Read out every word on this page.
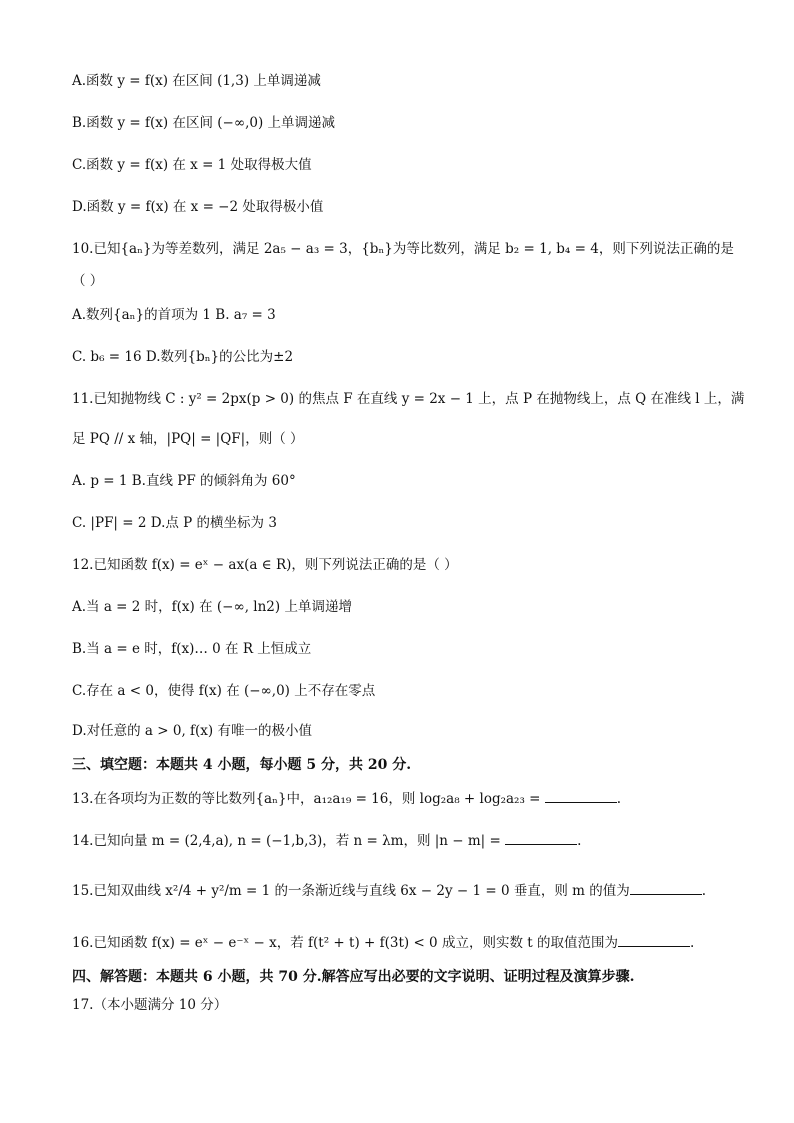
A.函数 y = f(x) 在区间 (1,3) 上单调递减
B.函数 y = f(x) 在区间 (−∞,0) 上单调递减
C.函数 y = f(x) 在 x = 1 处取得极大值
D.函数 y = f(x) 在 x = −2 处取得极小值
10.已知{aₙ}为等差数列，满足 2a₅ − a₃ = 3，{bₙ}为等比数列，满足 b₂ = 1, b₄ = 4，则下列说法正确的是
（ ）
A.数列{aₙ}的首项为 1 B. a₇ = 3
C. b₆ = 16 D.数列{bₙ}的公比为±2
11.已知抛物线 C : y² = 2px(p > 0) 的焦点 F 在直线 y = 2x − 1 上，点 P 在抛物线上，点 Q 在准线 l 上，满
足 PQ // x 轴，|PQ| = |QF|，则（ ）
A. p = 1 B.直线 PF 的倾斜角为 60°
C. |PF| = 2 D.点 P 的横坐标为 3
12.已知函数 f(x) = eˣ − ax(a ∈ R)，则下列说法正确的是（ ）
A.当 a = 2 时，f(x) 在 (−∞, ln2) 上单调递增
B.当 a = e 时，f(x)… 0 在 R 上恒成立
C.存在 a < 0，使得 f(x) 在 (−∞,0) 上不存在零点
D.对任意的 a > 0, f(x) 有唯一的极小值
三、填空题：本题共 4 小题，每小题 5 分，共 20 分.
13.在各项均为正数的等比数列{aₙ}中，a₁₂a₁₉ = 16，则 log₂a₈ + log₂a₂₃ =	.
14.已知向量 m = (2,4,a), n = (−1,b,3)，若 n = λm，则 |n − m| =	.
15.已知双曲线 x²/4 + y²/m = 1 的一条渐近线与直线 6x − 2y − 1 = 0 垂直，则 m 的值为	.
16.已知函数 f(x) = eˣ − e⁻ˣ − x，若 f(t² + t) + f(3t) < 0 成立，则实数 t 的取值范围为	.
四、解答题：本题共 6 小题，共 70 分.解答应写出必要的文字说明、证明过程及演算步骤.
17.（本小题满分 10 分）
